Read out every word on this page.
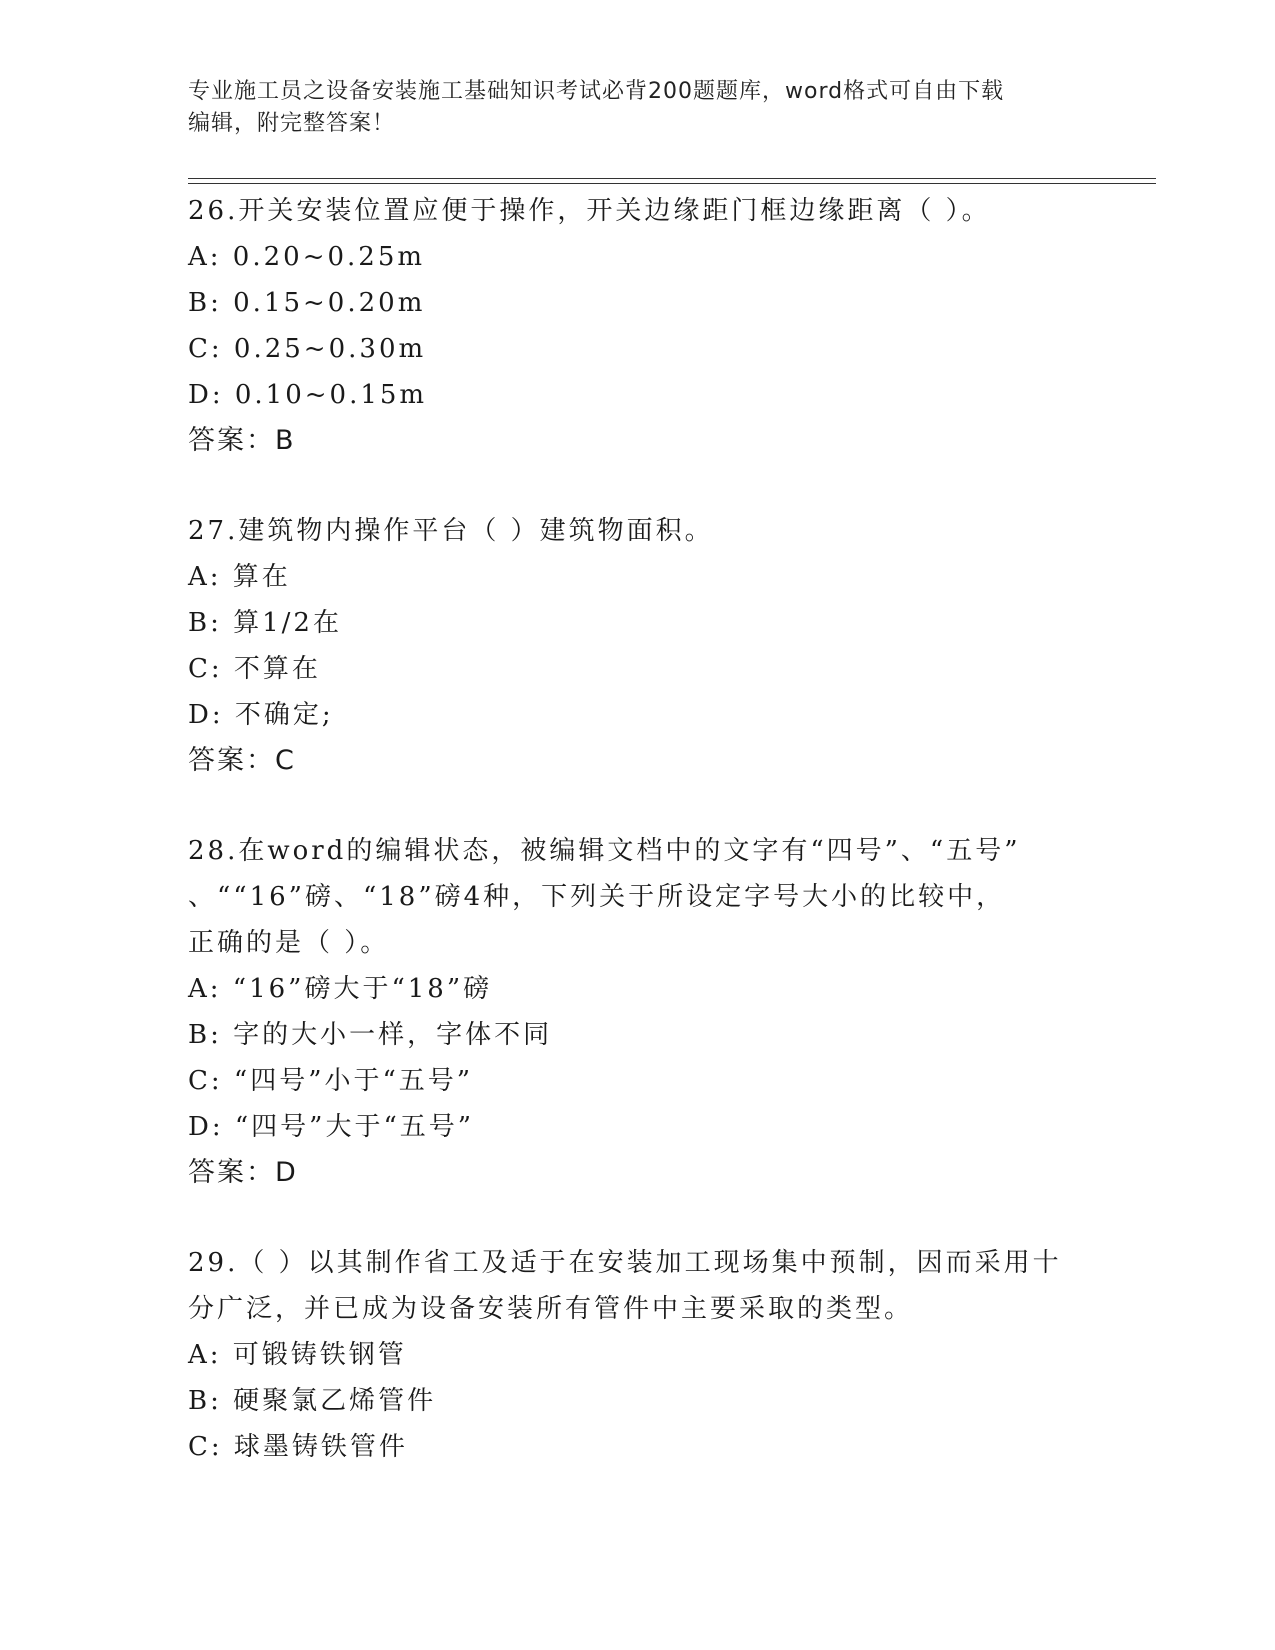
专业施工员之设备安装施工基础知识考试必背200题题库，word格式可自由下载
编辑，附完整答案！
26.开关安装位置应便于操作，开关边缘距门框边缘距离（ ）。
A: 0.20~0.25m
B: 0.15~0.20m
C: 0.25~0.30m
D: 0.10~0.15m
答案：B
27.建筑物内操作平台（ ）建筑物面积。
A: 算在
B: 算1/2在
C: 不算在
D: 不确定;
答案：C
28.在word的编辑状态，被编辑文档中的文字有“四号”、“五号”
、““16”磅、“18”磅4种，下列关于所设定字号大小的比较中，
正确的是（ ）。
A: “16”磅大于“18”磅
B: 字的大小一样，字体不同
C: “四号”小于“五号”
D: “四号”大于“五号”
答案：D
29.（ ）以其制作省工及适于在安装加工现场集中预制，因而采用十
分广泛，并已成为设备安装所有管件中主要采取的类型。
A: 可锻铸铁钢管
B: 硬聚氯乙烯管件
C: 球墨铸铁管件
